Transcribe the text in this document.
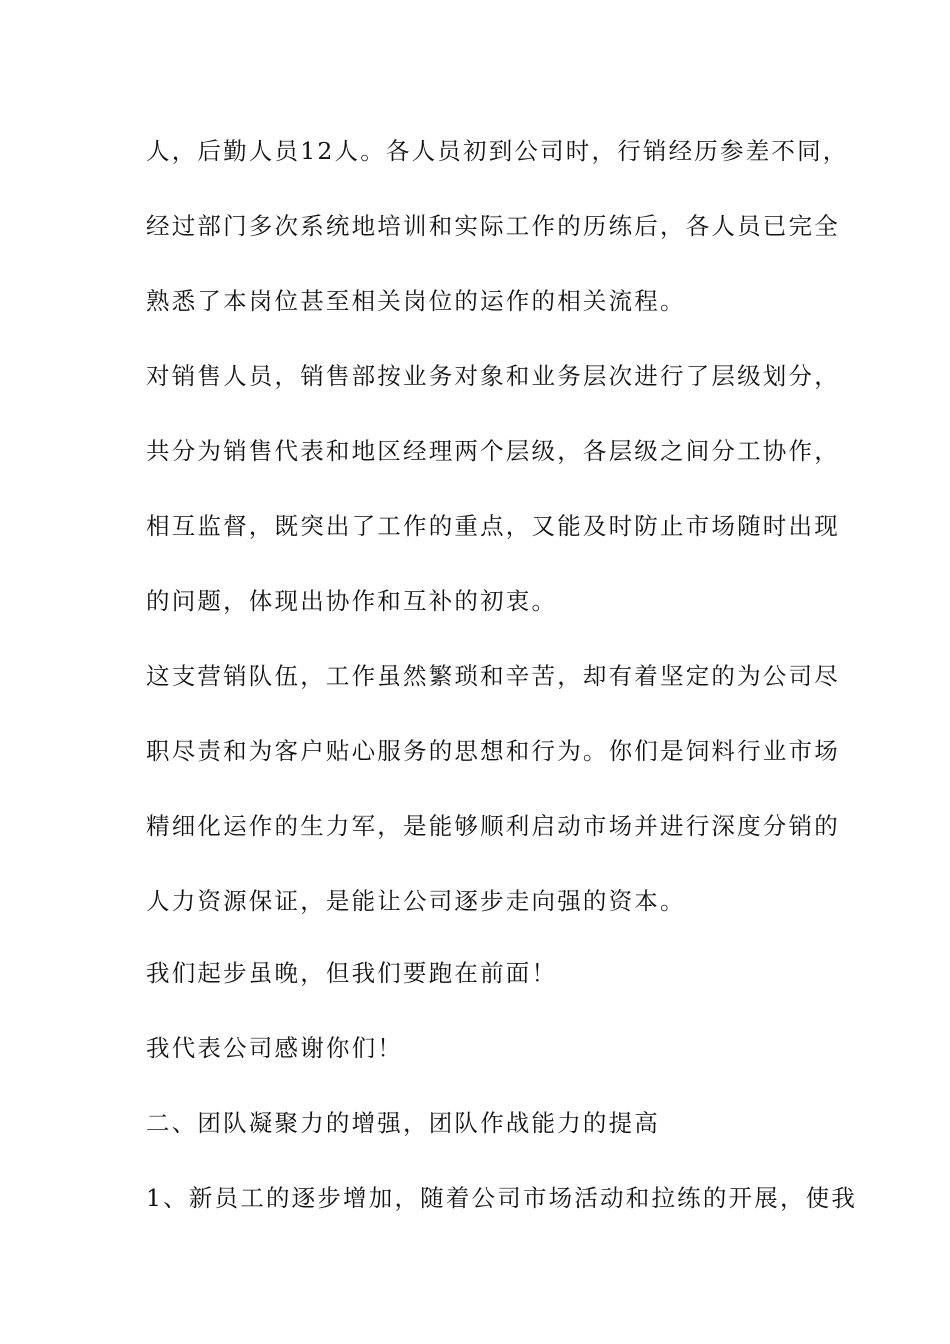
人，后勤人员12人。各人员初到公司时，行销经历参差不同，
经过部门多次系统地培训和实际工作的历练后，各人员已完全
熟悉了本岗位甚至相关岗位的运作的相关流程。
对销售人员，销售部按业务对象和业务层次进行了层级划分，
共分为销售代表和地区经理两个层级，各层级之间分工协作，
相互监督，既突出了工作的重点，又能及时防止市场随时出现
的问题，体现出协作和互补的初衷。
这支营销队伍，工作虽然繁琐和辛苦，却有着坚定的为公司尽
职尽责和为客户贴心服务的思想和行为。你们是饲料行业市场
精细化运作的生力军，是能够顺利启动市场并进行深度分销的
人力资源保证，是能让公司逐步走向强的资本。
我们起步虽晚，但我们要跑在前面！
我代表公司感谢你们！
二、团队凝聚力的增强，团队作战能力的提高
1、新员工的逐步增加，随着公司市场活动和拉练的开展，使我
